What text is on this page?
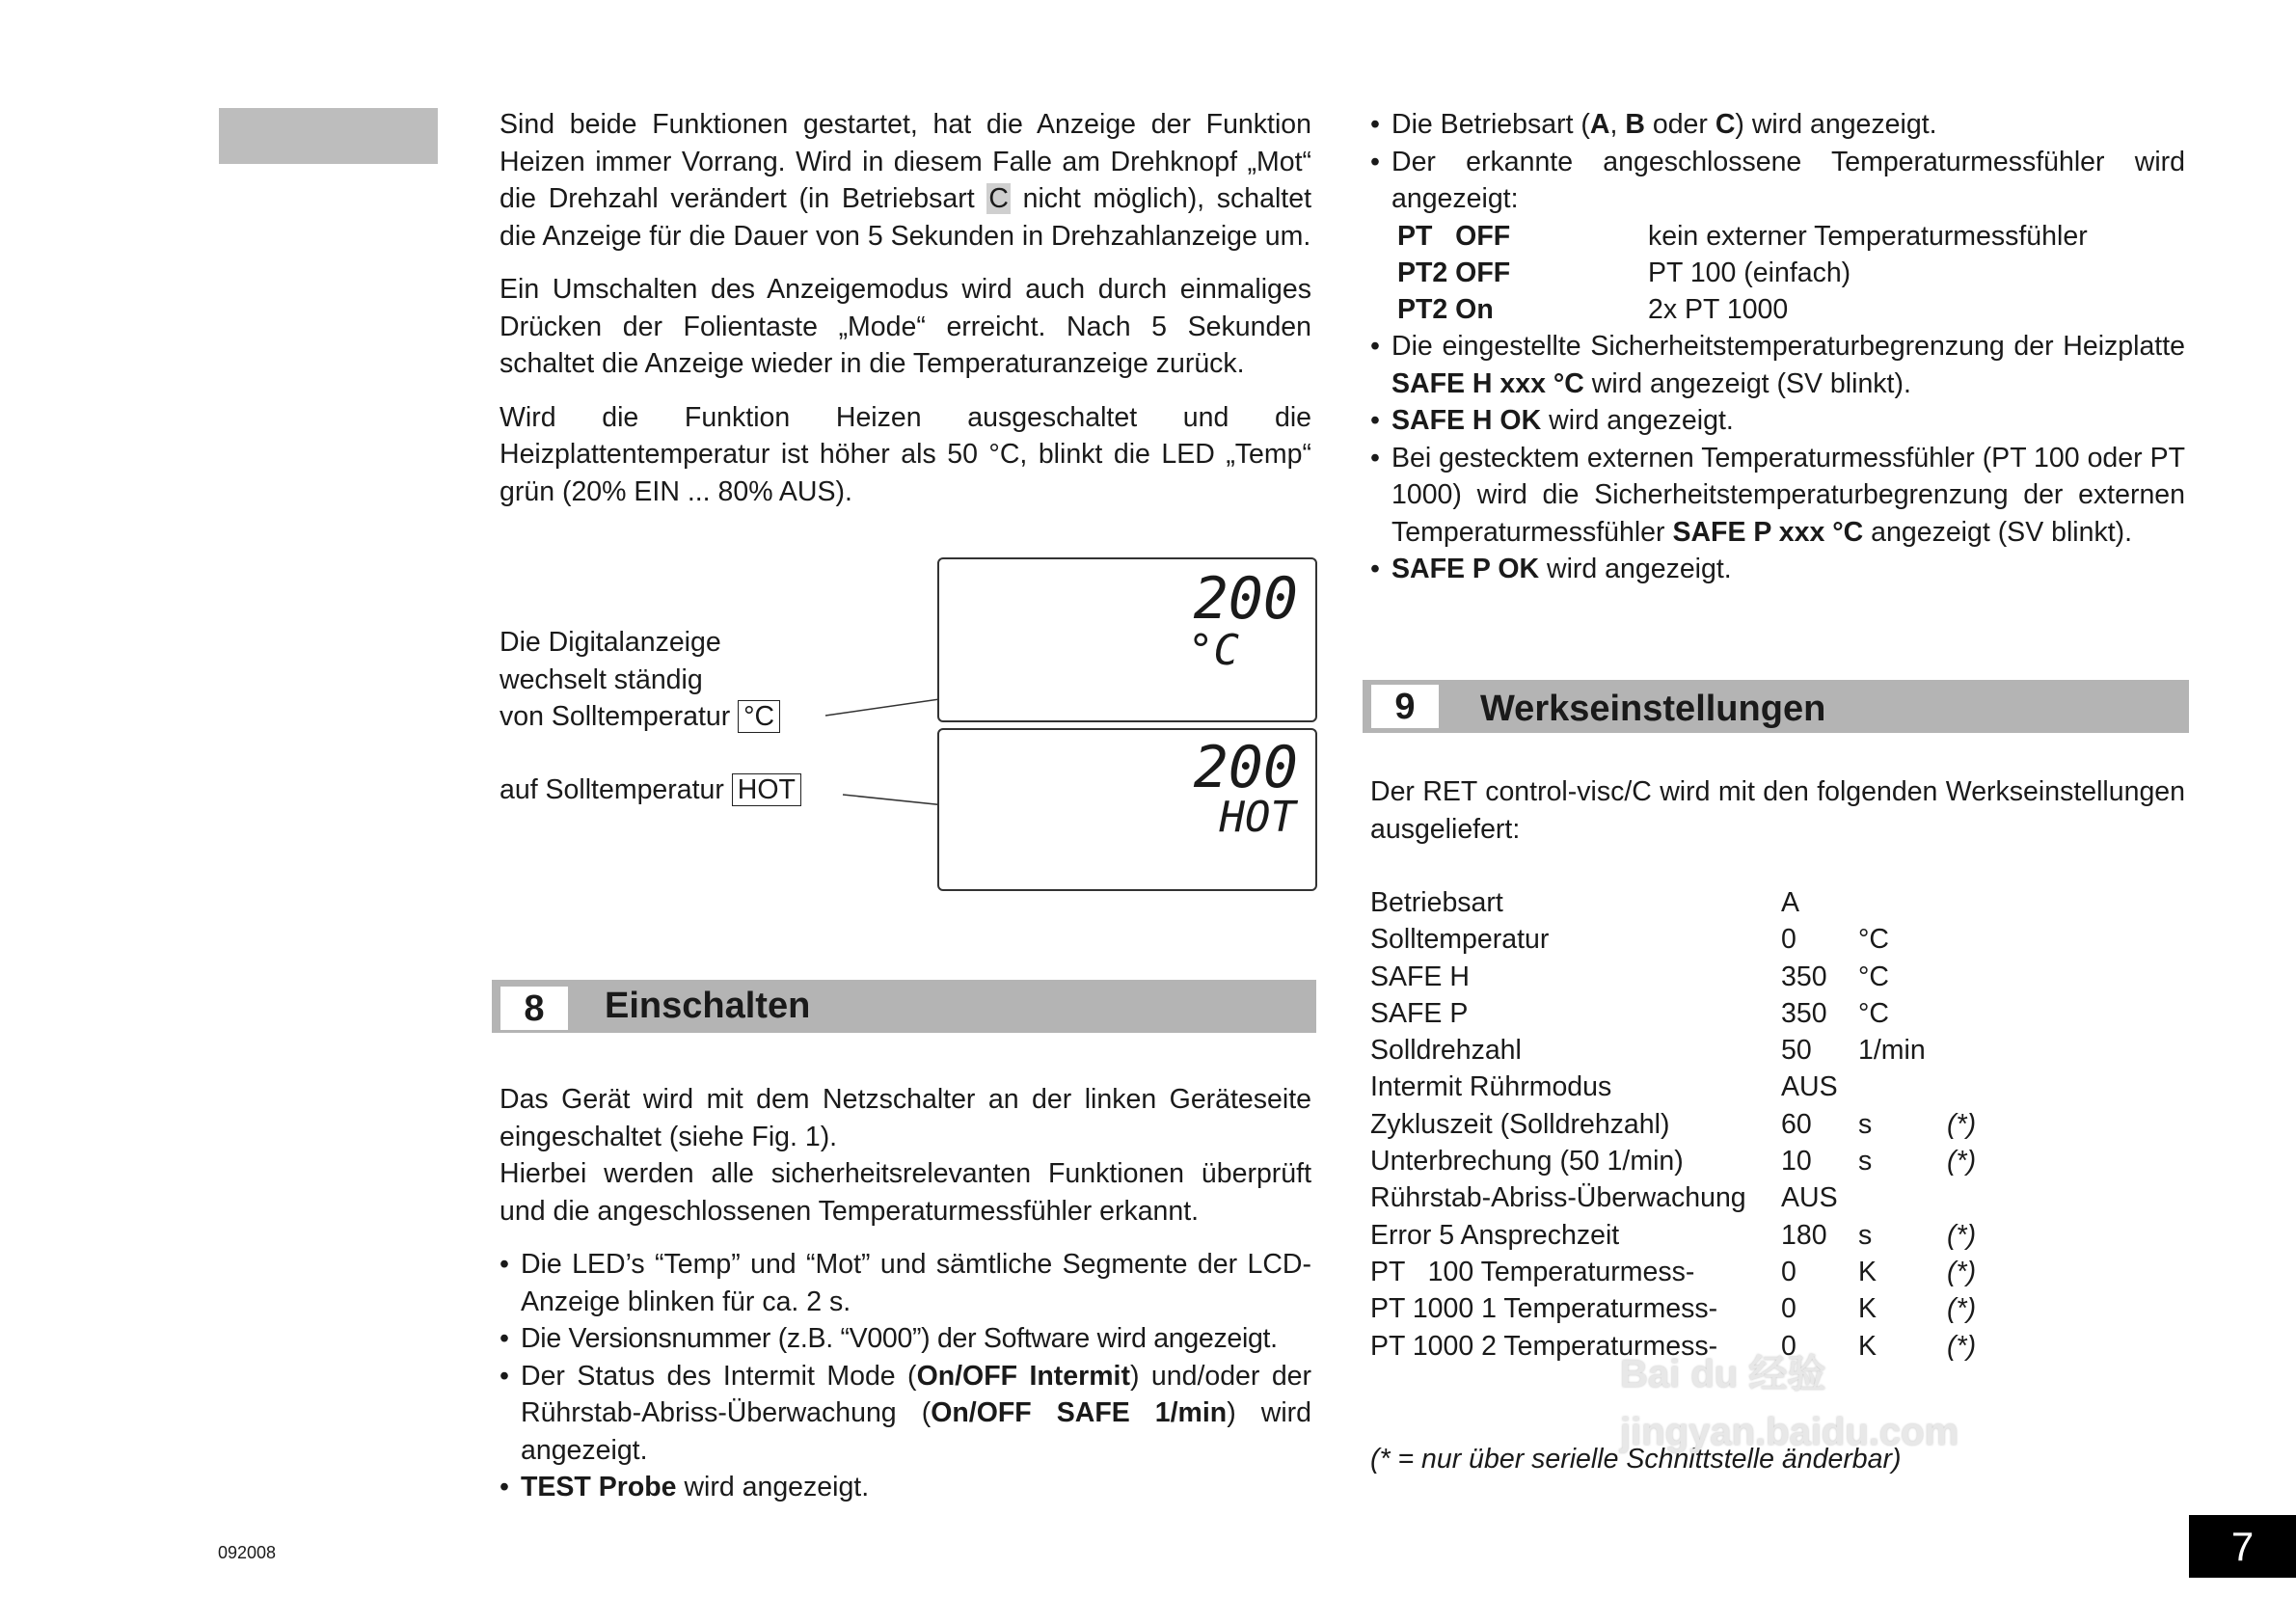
Sind beide Funktionen gestartet, hat die Anzeige der Funktion Heizen immer Vorrang. Wird in diesem Falle am Drehknopf „Mot“ die Drehzahl verändert (in Betriebsart C nicht möglich), schaltet die Anzeige für die Dauer von 5 Sekunden in Drehzahlanzeige um.

Ein Umschalten des Anzeigemodus wird auch durch einmaliges Drücken der Folientaste „Mode“ erreicht. Nach 5 Sekunden schaltet die Anzeige wieder in die Temperaturanzeige zurück.

Wird die Funktion Heizen ausgeschaltet und die Heizplattentemperatur ist höher als 50 °C, blinkt die LED „Temp“ grün (20% EIN ... 80% AUS).

Die Digitalanzeige
wechselt ständig
von Solltemperatur °C
auf Solltemperatur HOT
200
°C
200
HOT
8	Einschalten
Das Gerät wird mit dem Netzschalter an der linken Geräteseite eingeschaltet (siehe Fig. 1).
Hierbei werden alle sicherheitsrelevanten Funktionen überprüft und die angeschlossenen Temperaturmessfühler erkannt.
• Die LED’s “Temp” und “Mot” und sämtliche Segmente der LCD-Anzeige blinken für ca. 2 s.
• Die Versionsnummer (z.B. “V000”) der Software wird angezeigt.
• Der Status des Intermit Mode (On/OFF Intermit) und/oder der Rührstab-Abriss-Überwachung (On/OFF SAFE 1/min) wird angezeigt.
• TEST Probe wird angezeigt.
092008
• Die Betriebsart (A, B oder C) wird angezeigt.
• Der erkannte angeschlossene Temperaturmessfühler wird angezeigt:
PT   OFF	kein externer Temperaturmessfühler
PT2 OFF	PT 100 (einfach)
PT2 On	2x PT 1000
• Die eingestellte Sicherheitstemperaturbegrenzung der Heizplatte SAFE H xxx °C wird angezeigt (SV blinkt).
• SAFE H OK wird angezeigt.
• Bei gestecktem externen Temperaturmessfühler (PT 100 oder PT 1000) wird die Sicherheitstemperaturbegrenzung der externen Temperaturmessfühler SAFE P xxx °C angezeigt (SV blinkt).
• SAFE P OK wird angezeigt.
9	Werkseinstellungen
Der RET control-visc/C wird mit den folgenden Werkseinstellungen ausgeliefert:
Betriebsart	A		
Solltemperatur	0	°C	
SAFE H	350	°C	
SAFE P	350	°C	
Solldrehzahl	50	1/min	
Intermit Rührmodus	AUS		
Zykluszeit (Solldrehzahl)	60	s	(*)
Unterbrechung (50 1/min)	10	s	(*)
Rührstab-Abriss-Überwachung	AUS		
Error 5 Ansprechzeit	180	s	(*)
PT   100 Temperaturmess-	0	K	(*)
PT 1000 1 Temperaturmess-	0	K	(*)
PT 1000 2 Temperaturmess-	0	K	(*)
(* = nur über serielle Schnittstelle änderbar)
Bai du 经验 jingyan.baidu.com
7
